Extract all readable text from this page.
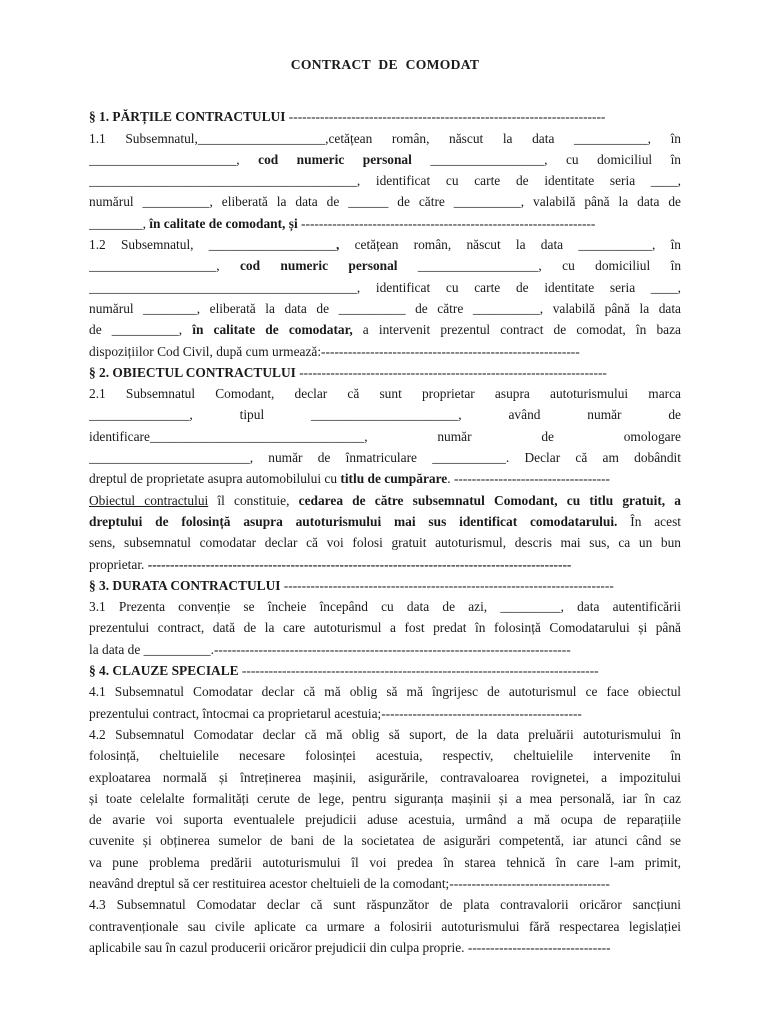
CONTRACT DE COMODAT
§ 1. PĂRȚILE CONTRACTULUI -----------------------------------------------------------------------
1.1 Subsemnatul,___________________,cetățean român, născut la data ___________, în
______________________, cod numeric personal _________________, cu domiciliul în
________________________________________, identificat cu carte de identitate seria ____,
numărul __________, eliberată la data de ______ de către __________, valabilă până la data de
________, în calitate de comodant, și ------------------------------------------------------------------
1.2 Subsemnatul, ___________________, cetățean român, născut la data ___________, în
___________________, cod numeric personal __________________, cu domiciliul în
________________________________________, identificat cu carte de identitate seria ____,
numărul ________, eliberată la data de __________ de către __________, valabilă până la data
de __________, în calitate de comodatar, a intervenit prezentul contract de comodat, în baza
dispozițiilor Cod Civil, după cum urmează:----------------------------------------------------------
§ 2. OBIECTUL CONTRACTULUI ---------------------------------------------------------------------
2.1 Subsemnatul Comodant, declar că sunt proprietar asupra autoturismului marca
_______________, tipul ______________________, având număr de
identificare________________________________, număr de omologare
________________________, număr de înmatriculare ___________. Declar că am dobândit
dreptul de proprietate asupra automobilului cu titlu de cumpărare. -----------------------------------
Obiectul contractului îl constituie, cedarea de către subsemnatul Comodant, cu titlu gratuit, a
dreptului de folosință asupra autoturismului mai sus identificat comodatarului. În acest
sens, subsemnatul comodatar declar că voi folosi gratuit autoturismul, descris mai sus, ca un bun
proprietar. -----------------------------------------------------------------------------------------------
§ 3. DURATA CONTRACTULUI --------------------------------------------------------------------------
3.1 Prezenta convenție se încheie începând cu data de azi, _________, data autentificării
prezentului contract, dată de la care autoturismul a fost predat în folosință Comodatarului și până
la data de __________.--------------------------------------------------------------------------------
§ 4. CLAUZE SPECIALE --------------------------------------------------------------------------------
4.1 Subsemnatul Comodatar declar că mă oblig să mă îngrijesc de autoturismul ce face obiectul
prezentului contract, întocmai ca proprietarul acestuia;---------------------------------------------
4.2 Subsemnatul Comodatar declar că mă oblig să suport, de la data preluării autoturismului în
folosință, cheltuielile necesare folosinței acestuia, respectiv, cheltuielile intervenite în
exploatarea normală și întreținerea mașinii, asigurările, contravaloarea rovignetei, a impozitului
și toate celelalte formalități cerute de lege, pentru siguranța mașinii și a mea personală, iar în caz
de avarie voi suporta eventualele prejudicii aduse acestuia, urmând a mă ocupa de reparațiile
cuvenite și obținerea sumelor de bani de la societatea de asigurări competentă, iar atunci când se
va pune problema predării autoturismului îl voi predea în starea tehnică în care l-am primit,
neavând dreptul să cer restituirea acestor cheltuieli de la comodant;------------------------------------
4.3 Subsemnatul Comodatar declar că sunt răspunzător de plata contravalorii oricăror sancțiuni
contravenționale sau civile aplicate ca urmare a folosirii autoturismului fără respectarea legislației
aplicabile sau în cazul producerii oricăror prejudicii din culpa proprie. --------------------------------
